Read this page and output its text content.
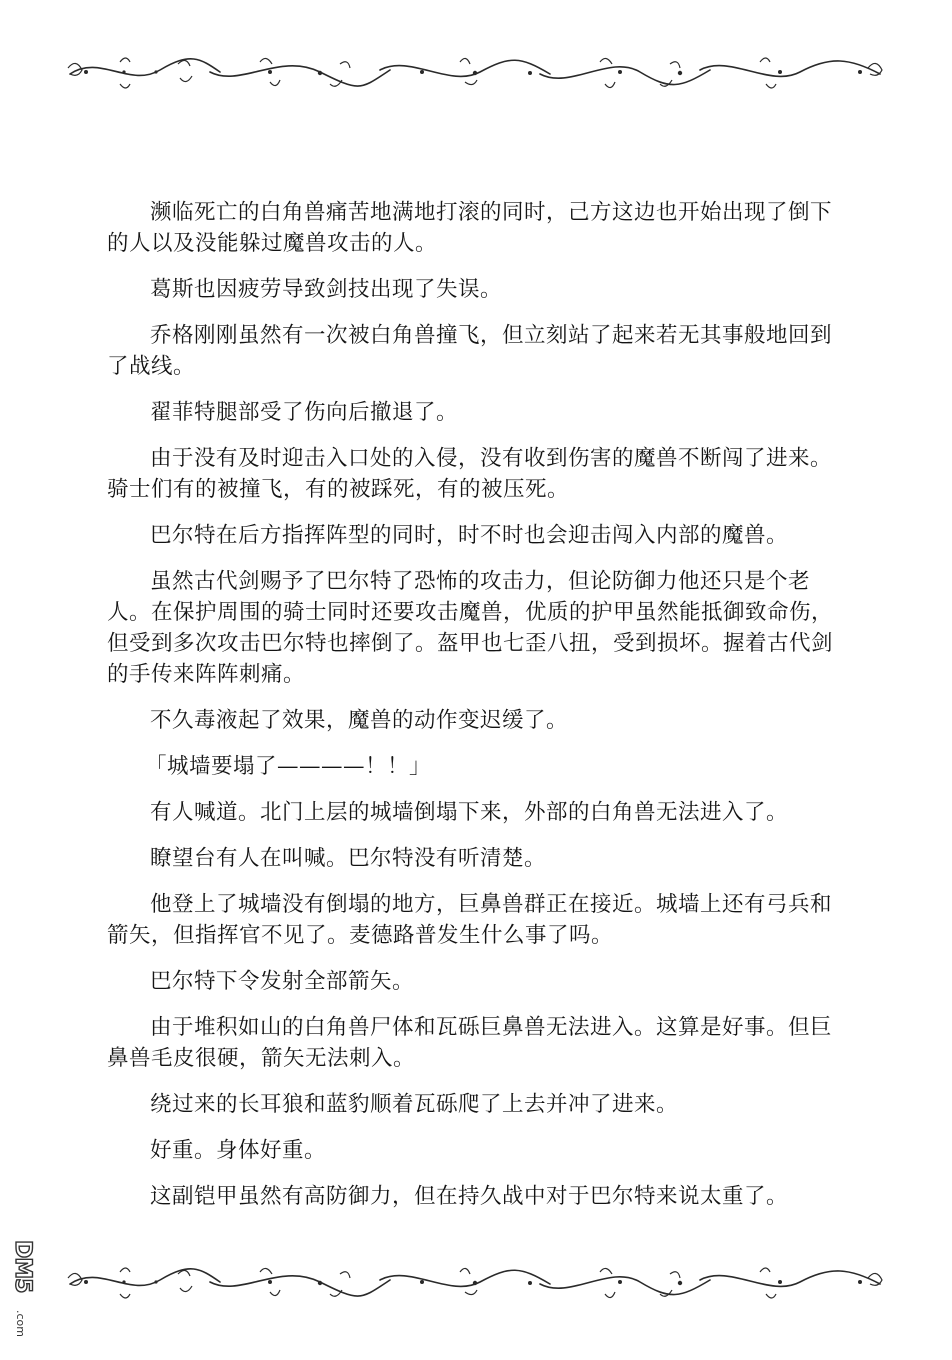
濒临死亡的白角兽痛苦地满地打滚的同时，己方这边也开始出现了倒下的人以及没能躲过魔兽攻击的人。

葛斯也因疲劳导致剑技出现了失误。

乔格刚刚虽然有一次被白角兽撞飞，但立刻站了起来若无其事般地回到了战线。

翟菲特腿部受了伤向后撤退了。

由于没有及时迎击入口处的入侵，没有收到伤害的魔兽不断闯了进来。骑士们有的被撞飞，有的被踩死，有的被压死。

巴尔特在后方指挥阵型的同时，时不时也会迎击闯入内部的魔兽。

虽然古代剑赐予了巴尔特了恐怖的攻击力，但论防御力他还只是个老人。在保护周围的骑士同时还要攻击魔兽，优质的护甲虽然能抵御致命伤，但受到多次攻击巴尔特也摔倒了。盔甲也七歪八扭，受到损坏。握着古代剑的手传来阵阵刺痛。

不久毒液起了效果，魔兽的动作变迟缓了。

「城墙要塌了————！！」

有人喊道。北门上层的城墙倒塌下来，外部的白角兽无法进入了。

瞭望台有人在叫喊。巴尔特没有听清楚。

他登上了城墙没有倒塌的地方，巨鼻兽群正在接近。城墙上还有弓兵和箭矢，但指挥官不见了。麦德路普发生什么事了吗。

巴尔特下令发射全部箭矢。

由于堆积如山的白角兽尸体和瓦砾巨鼻兽无法进入。这算是好事。但巨鼻兽毛皮很硬，箭矢无法刺入。

绕过来的长耳狼和蓝豹顺着瓦砾爬了上去并冲了进来。

好重。身体好重。

这副铠甲虽然有高防御力，但在持久战中对于巴尔特来说太重了。

DM5
.com
